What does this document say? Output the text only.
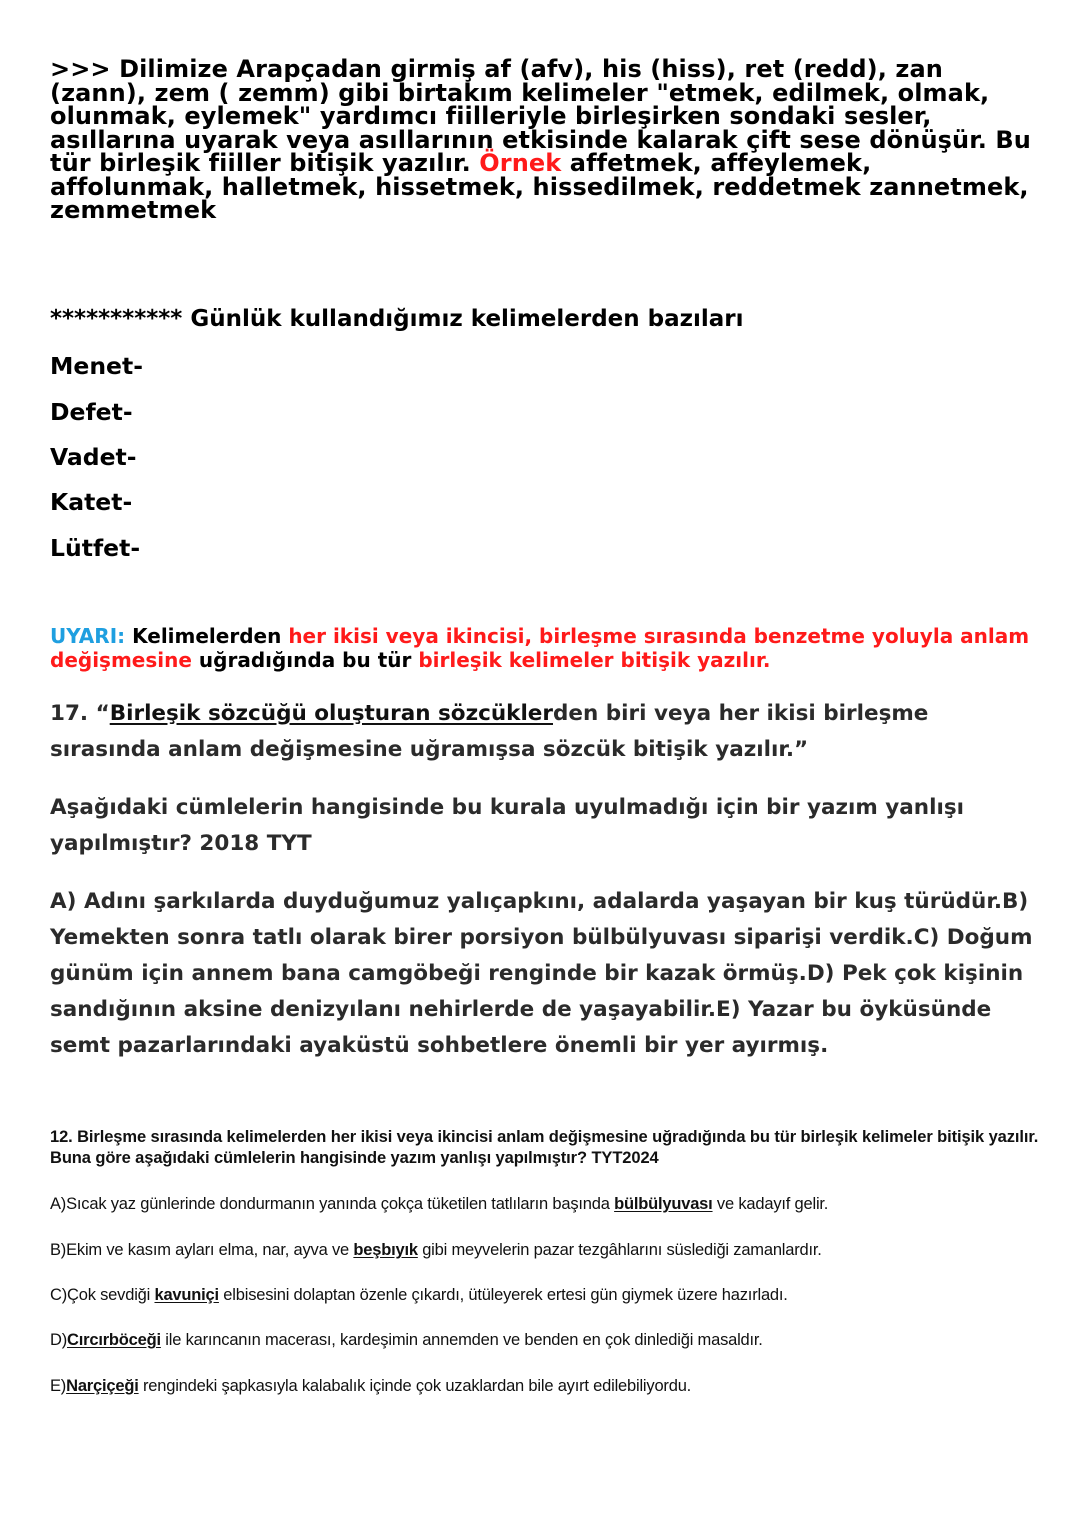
>>> Dilimize Arapçadan girmiş af (afv), his (hiss), ret (redd), zan (zann), zem ( zemm) gibi birtakım kelimeler "etmek, edilmek, olmak, olunmak, eylemek" yardımcı fiilleriyle birleşirken sondaki sesler, asıllarına uyarak veya asıllarının etkisinde kalarak çift sese dönüşür. Bu tür birleşik fiiller bitişik yazılır. Örnek affetmek, affeylemek, affolunmak, halletmek, hissetmek, hissedilmek, reddetmek zannetmek, zemmetmek
*********** Günlük kullandığımız kelimelerden bazıları
Menet-
Defet-
Vadet-
Katet-
Lütfet-
UYARI: Kelimelerden her ikisi veya ikincisi, birleşme sırasında benzetme yoluyla anlam değişmesine uğradığında bu tür birleşik kelimeler bitişik yazılır.

17. “Birleşik sözcüğü oluşturan sözcüklerden biri veya her ikisi birleşme sırasında anlam değişmesine uğramışsa sözcük bitişik yazılır.”

Aşağıdaki cümlelerin hangisinde bu kurala uyulmadığı için bir yazım yanlışı yapılmıştır? 2018 TYT

A) Adını şarkılarda duyduğumuz yalıçapkını, adalarda yaşayan bir kuş türüdür.B) Yemekten sonra tatlı olarak birer porsiyon bülbülyuvası siparişi verdik.C) Doğum günüm için annem bana camgöbeği renginde bir kazak örmüş.D) Pek çok kişinin sandığının aksine denizyılanı nehirlerde de yaşayabilir.E) Yazar bu öyküsünde semt pazarlarındaki ayaküstü sohbetlere önemli bir yer ayırmış.

12. Birleşme sırasında kelimelerden her ikisi veya ikincisi anlam değişmesine uğradığında bu tür birleşik kelimeler bitişik yazılır. Buna göre aşağıdaki cümlelerin hangisinde yazım yanlışı yapılmıştır? TYT2024

A)Sıcak yaz günlerinde dondurmanın yanında çokça tüketilen tatlıların başında bülbülyuvası ve kadayıf gelir.
B)Ekim ve kasım ayları elma, nar, ayva ve beşbıyık gibi meyvelerin pazar tezgâhlarını süslediği zamanlardır.
C)Çok sevdiği kavuniçi elbisesini dolaptan özenle çıkardı, ütüleyerek ertesi gün giymek üzere hazırladı.
D)Cırcırböceği ile karıncanın macerası, kardeşimin annemden ve benden en çok dinlediği masaldır.
E)Narçiçeği rengindeki şapkasıyla kalabalık içinde çok uzaklardan bile ayırt edilebiliyordu.
